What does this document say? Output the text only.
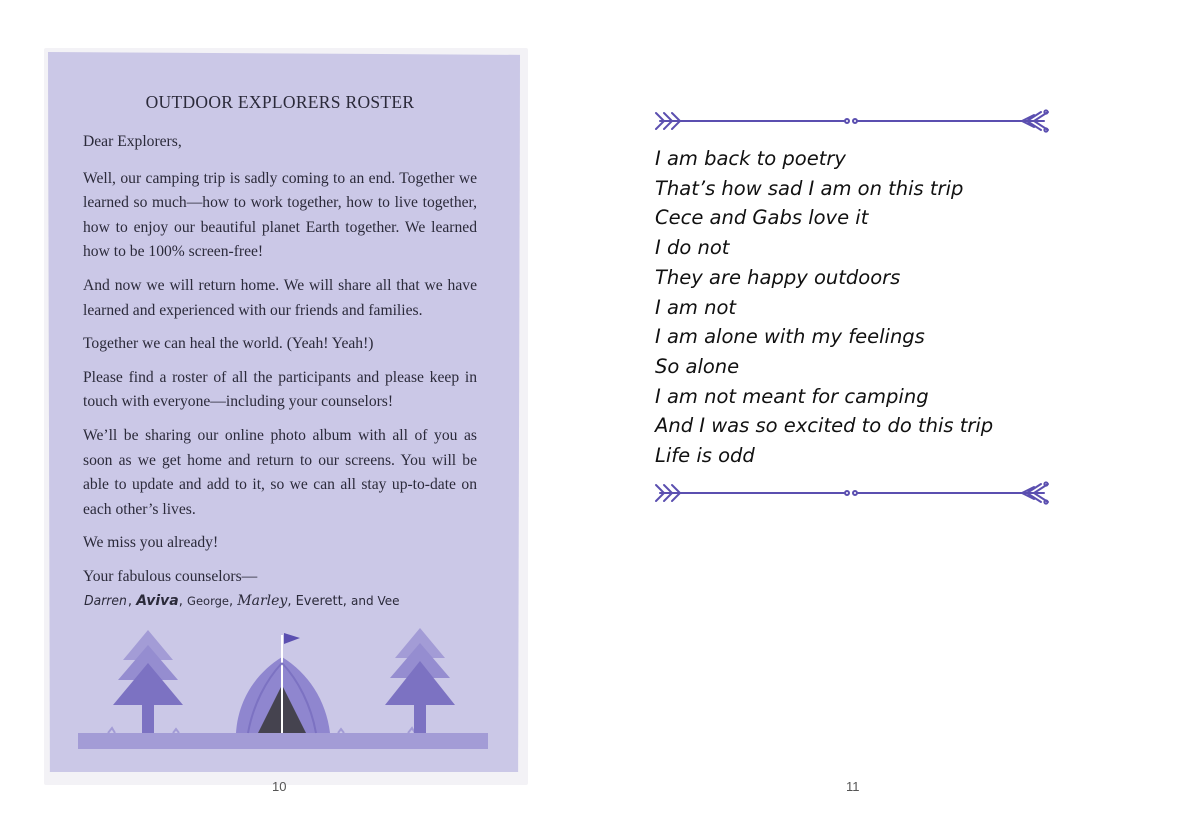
OUTDOOR EXPLORERS ROSTER

Dear Explorers,

Well, our camping trip is sadly coming to an end. Together we learned so much—how to work together, how to live together, how to enjoy our beautiful planet Earth together. We learned how to be 100% screen-free!

And now we will return home. We will share all that we have learned and experienced with our friends and families.

Together we can heal the world. (Yeah! Yeah!)

Please find a roster of all the participants and please keep in touch with everyone—including your counselors!

We’ll be sharing our online photo album with all of you as soon as we get home and return to our screens. You will be able to update and add to it, so we can all stay up-to-date on each other’s lives.

We miss you already!

Your fabulous counselors—

Darren, Aviva, George, Marley, Everett, and Vee
10
I am back to poetry
That’s how sad I am on this trip
Cece and Gabs love it
I do not
They are happy outdoors
I am not
I am alone with my feelings
So alone
I am not meant for camping
And I was so excited to do this trip
Life is odd
11
